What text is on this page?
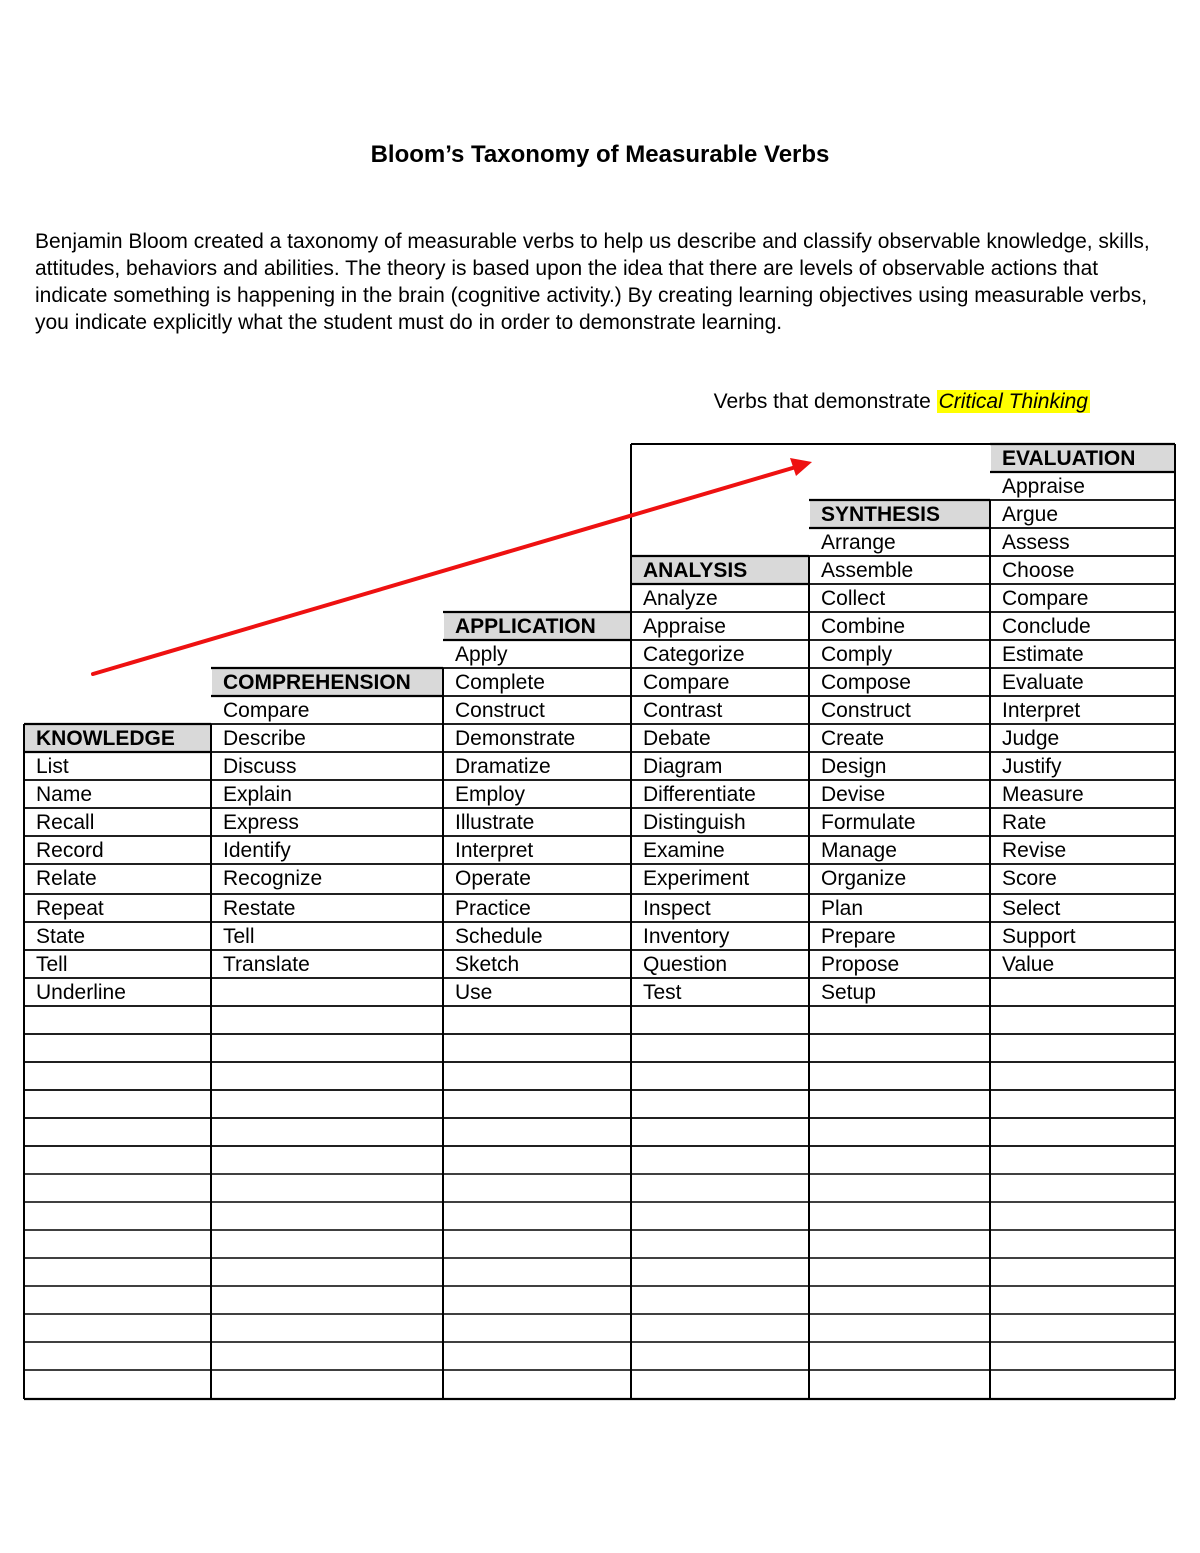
Bloom’s Taxonomy of Measurable Verbs

Benjamin Bloom created a taxonomy of measurable verbs to help us describe and classify observable knowledge, skills, attitudes, behaviors and abilities. The theory is based upon the idea that there are levels of observable actions that indicate something is happening in the brain (cognitive activity.) By creating learning objectives using measurable verbs, you indicate explicitly what the student must do in order to demonstrate learning.

Verbs that demonstrate Critical Thinking
KNOWLEDGE
List
Name
Recall
Record
Relate
Repeat
State
Tell
Underline
COMPREHENSION
Compare
Describe
Discuss
Explain
Express
Identify
Recognize
Restate
Tell
Translate
APPLICATION
Apply
Complete
Construct
Demonstrate
Dramatize
Employ
Illustrate
Interpret
Operate
Practice
Schedule
Sketch
Use
ANALYSIS
Analyze
Appraise
Categorize
Compare
Contrast
Debate
Diagram
Differentiate
Distinguish
Examine
Experiment
Inspect
Inventory
Question
Test
SYNTHESIS
Arrange
Assemble
Collect
Combine
Comply
Compose
Construct
Create
Design
Devise
Formulate
Manage
Organize
Plan
Prepare
Propose
Setup
EVALUATION
Appraise
Argue
Assess
Choose
Compare
Conclude
Estimate
Evaluate
Interpret
Judge
Justify
Measure
Rate
Revise
Score
Select
Support
Value
